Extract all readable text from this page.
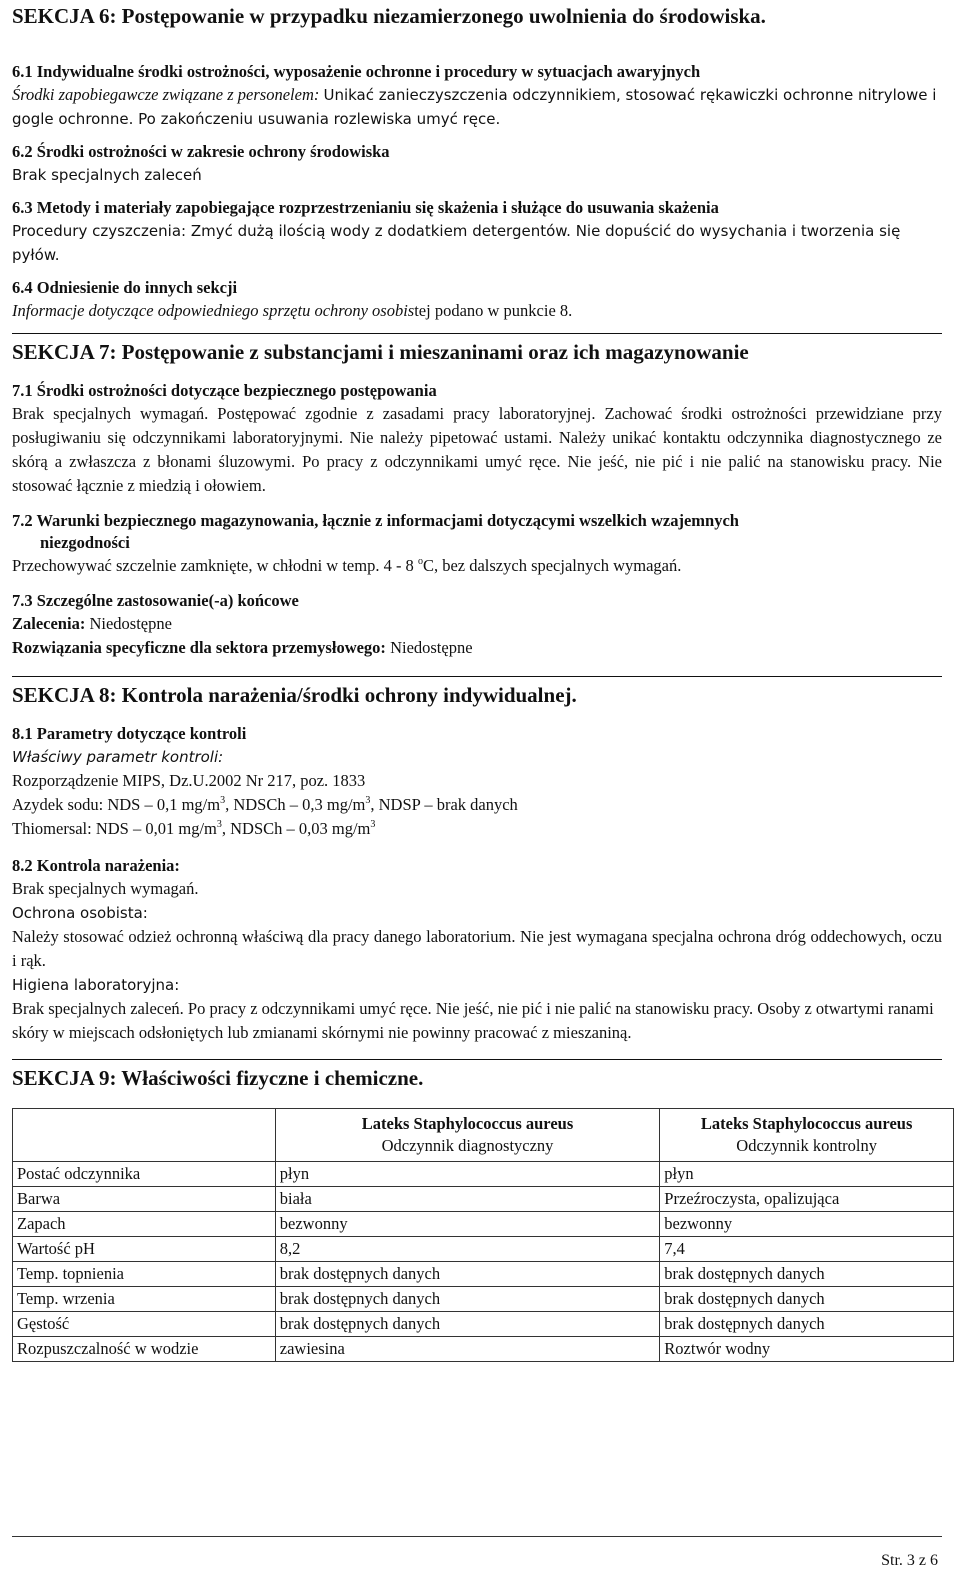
SEKCJA 6: Postępowanie w przypadku niezamierzonego uwolnienia do środowiska.
6.1 Indywidualne środki ostrożności, wyposażenie ochronne i procedury w sytuacjach awaryjnych
Środki zapobiegawcze związane z personelem: Unikać zanieczyszczenia odczynnikiem, stosować rękawiczki ochronne nitrylowe i gogle ochronne. Po zakończeniu usuwania rozlewiska umyć ręce.
6.2 Środki ostrożności w zakresie ochrony środowiska
Brak specjalnych zaleceń
6.3 Metody i materiały zapobiegające rozprzestrzenianiu się skażenia i służące do usuwania skażenia
Procedury czyszczenia: Zmyć dużą ilością wody z dodatkiem detergentów. Nie dopuścić do wysychania i tworzenia się pyłów.
6.4 Odniesienie do innych sekcji
Informacje dotyczące odpowiedniego sprzętu ochrony osobistej podano w punkcie 8.
SEKCJA 7: Postępowanie z substancjami i mieszaninami oraz ich magazynowanie
7.1 Środki ostrożności dotyczące bezpiecznego postępowania
Brak specjalnych wymagań. Postępować zgodnie z zasadami pracy laboratoryjnej. Zachować środki ostrożności przewidziane przy posługiwaniu się odczynnikami laboratoryjnymi. Nie należy pipetować ustami. Należy unikać kontaktu odczynnika diagnostycznego ze skórą a zwłaszcza z błonami śluzowymi. Po pracy z odczynnikami umyć ręce. Nie jeść, nie pić i nie palić na stanowisku pracy. Nie stosować łącznie z miedzią i ołowiem.
7.2 Warunki bezpiecznego magazynowania, łącznie z informacjami dotyczącymi wszelkich wzajemnych
niezgodności
Przechowywać szczelnie zamknięte, w chłodni w temp. 4 - 8 $^o$C, bez dalszych specjalnych wymagań.
7.3 Szczególne zastosowanie(-a) końcowe
Zalecenia: Niedostępne
Rozwiązania specyficzne dla sektora przemysłowego: Niedostępne
SEKCJA 8: Kontrola narażenia/środki ochrony indywidualnej.
8.1 Parametry dotyczące kontroli
Właściwy parametr kontroli:
Rozporządzenie MIPS, Dz.U.2002 Nr 217, poz. 1833
Azydek sodu: NDS – 0,1 $mg/m^3$, NDSCh – 0,3 $mg/m^3$, NDSP – brak danych
Thiomersal: NDS – 0,01 $mg/m^3$, NDSCh – 0,03 $mg/m^3$
8.2 Kontrola narażenia:
Brak specjalnych wymagań.
Ochrona osobista:
Należy stosować odzież ochronną właściwą dla pracy danego laboratorium. Nie jest wymagana specjalna ochrona dróg oddechowych, oczu i rąk.
Higiena laboratoryjna:
Brak specjalnych zaleceń. Po pracy z odczynnikami umyć ręce. Nie jeść, nie pić i nie palić na stanowisku pracy. Osoby z otwartymi ranami skóry w miejscach odsłoniętych lub zmianami skórnymi nie powinny pracować z mieszaniną.
SEKCJA 9: Właściwości fizyczne i chemiczne.

	Lateks Staphylococcus aureus
Odczynnik diagnostyczny	Lateks Staphylococcus aureus
Odczynnik kontrolny
Postać odczynnika	płyn	płyn
Barwa	biała	Przeźroczysta, opalizująca
Zapach	bezwonny	bezwonny
Wartość pH	8,2	7,4
Temp. topnienia	brak dostępnych danych	brak dostępnych danych
Temp. wrzenia	brak dostępnych danych	brak dostępnych danych
Gęstość	brak dostępnych danych	brak dostępnych danych
Rozpuszczalność w wodzie	zawiesina	Roztwór wodny
Str. 3 z 6
